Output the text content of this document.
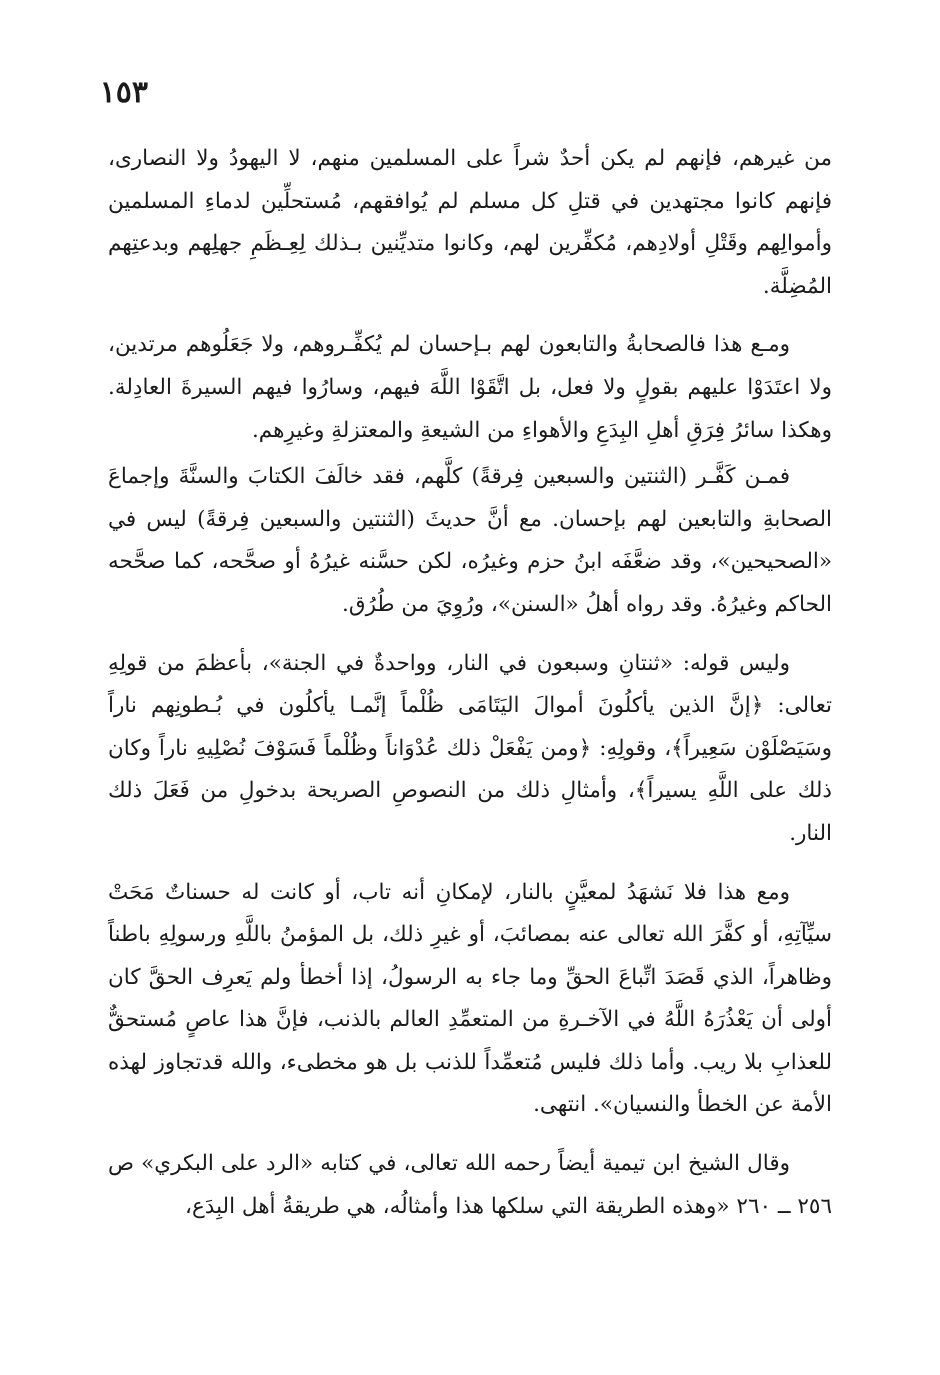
١٥٣

من غيرهم، فإنهم لم يكن أحدٌ شراً على المسلمين منهم، لا اليهودُ ولا النصارى، فإنهم كانوا مجتهدين في قتلِ كل مسلم لم يُوافقهم، مُستحلِّين لدماءِ المسلمين وأموالِهم وقَتْلِ أولادِهم، مُكفِّرين لهم، وكانوا متديِّنين بـذلك لِعِـظَمِ جهلِهم وبدعتِهم المُضِلَّة.

ومـع هذا فالصحابةُ والتابعون لهم بـإحسان لم يُكفِّـروهم، ولا جَعَلُوهم مرتدين، ولا اعتَدَوْا عليهم بقولٍ ولا فعل، بل اتَّقَوْا اللَّهَ فيهم، وسارُوا فيهم السيرةَ العادِلة. وهكذا سائرُ فِرَقِ أهلِ البِدَعِ والأهواءِ من الشيعةِ والمعتزلةِ وغيرِهم.

فمـن كَفَّـر (الثنتين والسبعين فِرقةً) كلَّهم، فقد خالَفَ الكتابَ والسنَّةَ وإجماعَ الصحابةِ والتابعين لهم بإحسان. مع أنَّ حديثَ (الثنتين والسبعين فِرقةً) ليس في «الصحيحين»، وقد ضعَّفَه ابنُ حزم وغيرُه، لكن حسَّنه غيرُهُ أو صحَّحه، كما صحَّحه الحاكم وغيرُهُ. وقد رواه أهلُ «السنن»، ورُوِيَ من طُرُق.

وليس قوله: «ثنتانِ وسبعون في النار، وواحدةٌ في الجنة»، بأعظمَ من قولِهِ تعالى: ﴿إنَّ الذين يأكلُونَ أموالَ اليَتَامَى ظُلْماً إنَّمـا يأكلُون في بُـطونِهم ناراً وسَيَصْلَوْن سَعِيراً﴾، وقولِهِ: ﴿ومن يَفْعَلْ ذلك عُدْوَاناً وظُلْماً فَسَوْفَ نُصْلِيهِ ناراً وكان ذلك على اللَّهِ يسيراً﴾، وأمثالِ ذلك من النصوصِ الصريحة بدخولِ من فَعَلَ ذلك النار.

ومع هذا فلا نَشهَدُ لمعيَّنٍ بالنار، لإمكانِ أنه تاب، أو كانت له حسناتٌ مَحَتْ سيِّآتِهِ، أو كفَّرَ الله تعالى عنه بمصائبَ، أو غيرِ ذلك، بل المؤمنُ باللَّهِ ورسولِهِ باطناً وظاهراً، الذي قَصَدَ اتِّباعَ الحقِّ وما جاء به الرسولُ، إذا أخطأ ولم يَعرِف الحقَّ كان أولى أن يَعْذُرَهُ اللَّهُ في الآخـرةِ من المتعمِّدِ العالم بالذنب، فإنَّ هذا عاصٍ مُستحقٌّ للعذابِ بلا ريب. وأما ذلك فليس مُتعمِّداً للذنب بل هو مخطىء، والله قدتجاوز لهذه الأمة عن الخطأ والنسيان». انتهى.

وقال الشيخ ابن تيمية أيضاً رحمه الله تعالى، في كتابه «الرد على البكري» ص ٢٥٦ ــ ٢٦٠ «وهذه الطريقة التي سلكها هذا وأمثالُه، هي طريقةُ أهل البِدَع،
